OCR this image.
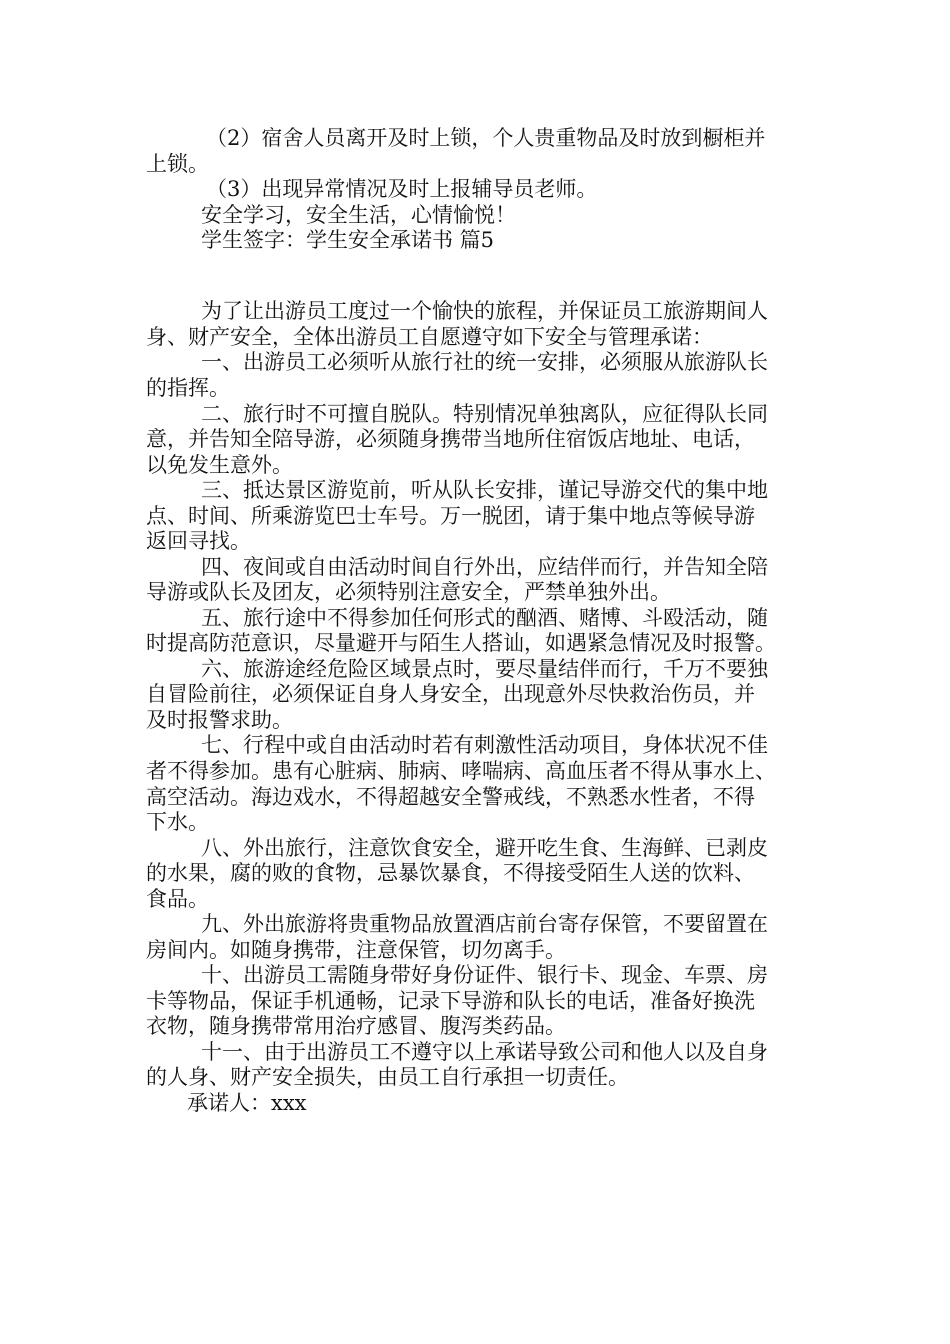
（2）宿舍人员离开及时上锁，个人贵重物品及时放到橱柜并
上锁。
（3）出现异常情况及时上报辅导员老师。
安全学习，安全生活，心情愉悦！
学生签字：学生安全承诺书 篇5
为了让出游员工度过一个愉快的旅程，并保证员工旅游期间人
身、财产安全，全体出游员工自愿遵守如下安全与管理承诺：
一、出游员工必须听从旅行社的统一安排，必须服从旅游队长
的指挥。
二、旅行时不可擅自脱队。特别情况单独离队，应征得队长同
意，并告知全陪导游，必须随身携带当地所住宿饭店地址、电话，
以免发生意外。
三、抵达景区游览前，听从队长安排，谨记导游交代的集中地
点、时间、所乘游览巴士车号。万一脱团，请于集中地点等候导游
返回寻找。
四、夜间或自由活动时间自行外出，应结伴而行，并告知全陪
导游或队长及团友，必须特别注意安全，严禁单独外出。
五、旅行途中不得参加任何形式的酗酒、赌博、斗殴活动，随
时提高防范意识，尽量避开与陌生人搭讪，如遇紧急情况及时报警。
六、旅游途经危险区域景点时，要尽量结伴而行，千万不要独
自冒险前往，必须保证自身人身安全，出现意外尽快救治伤员，并
及时报警求助。
七、行程中或自由活动时若有刺激性活动项目，身体状况不佳
者不得参加。患有心脏病、肺病、哮喘病、高血压者不得从事水上、
高空活动。海边戏水，不得超越安全警戒线，不熟悉水性者，不得
下水。
八、外出旅行，注意饮食安全，避开吃生食、生海鲜、已剥皮
的水果，腐的败的食物，忌暴饮暴食，不得接受陌生人送的饮料、
食品。
九、外出旅游将贵重物品放置酒店前台寄存保管，不要留置在
房间内。如随身携带，注意保管，切勿离手。
十、出游员工需随身带好身份证件、银行卡、现金、车票、房
卡等物品，保证手机通畅，记录下导游和队长的电话，准备好换洗
衣物，随身携带常用治疗感冒、腹泻类药品。
十一、由于出游员工不遵守以上承诺导致公司和他人以及自身
的人身、财产安全损失，由员工自行承担一切责任。
承诺人：xxx
